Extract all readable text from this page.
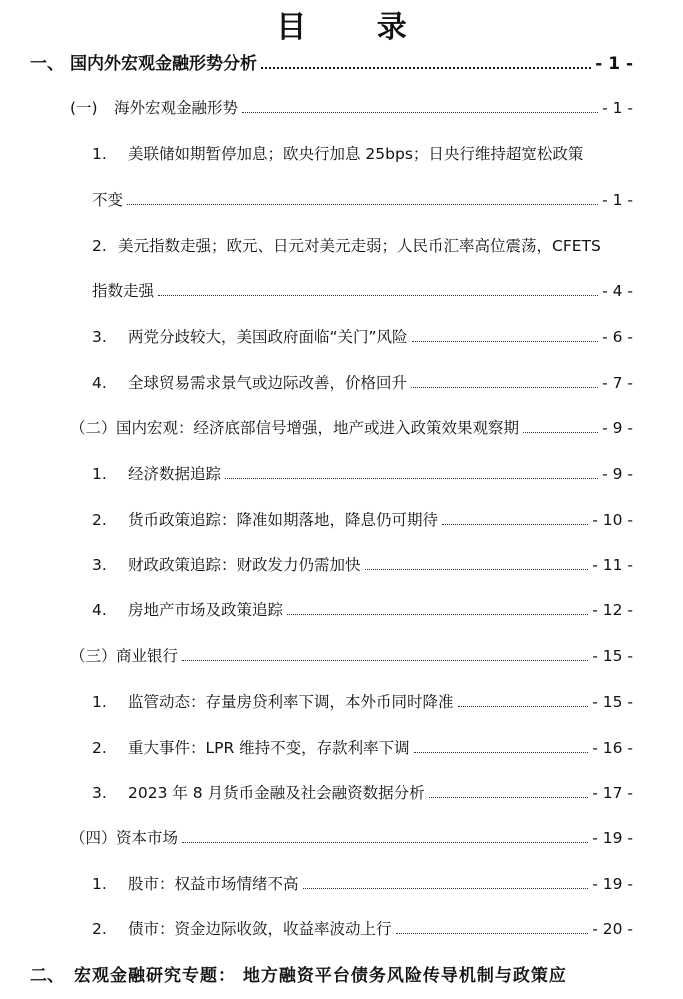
目 录
一、 国内外宏观金融形势分析	- 1 -
(一)	海外宏观金融形势	- 1 -
1.	美联储如期暂停加息；欧央行加息 25bps；日央行维持超宽松政策
不变	- 1 -
2. 美元指数走强；欧元、日元对美元走弱；人民币汇率高位震荡，CFETS
指数走强	- 4 -
3.	两党分歧较大，美国政府面临“关门”风险	- 6 -
4.	全球贸易需求景气或边际改善，价格回升	- 7 -
（二） 国内宏观：经济底部信号增强，地产或进入政策效果观察期	- 9 -
1.	经济数据追踪	- 9 -
2.	货币政策追踪：降准如期落地，降息仍可期待	- 10 -
3.	财政政策追踪：财政发力仍需加快	- 11 -
4.	房地产市场及政策追踪	- 12 -
（三） 商业银行	- 15 -
1.	监管动态：存量房贷利率下调，本外币同时降准	- 15 -
2.	重大事件：LPR 维持不变，存款利率下调	- 16 -
3.	2023 年 8 月货币金融及社会融资数据分析	- 17 -
（四） 资本市场	- 19 -
1.	股市：权益市场情绪不高	- 19 -
2.	债市：资金边际收敛，收益率波动上行	- 20 -
二、 宏观金融研究专题： 地方融资平台债务风险传导机制与政策应
